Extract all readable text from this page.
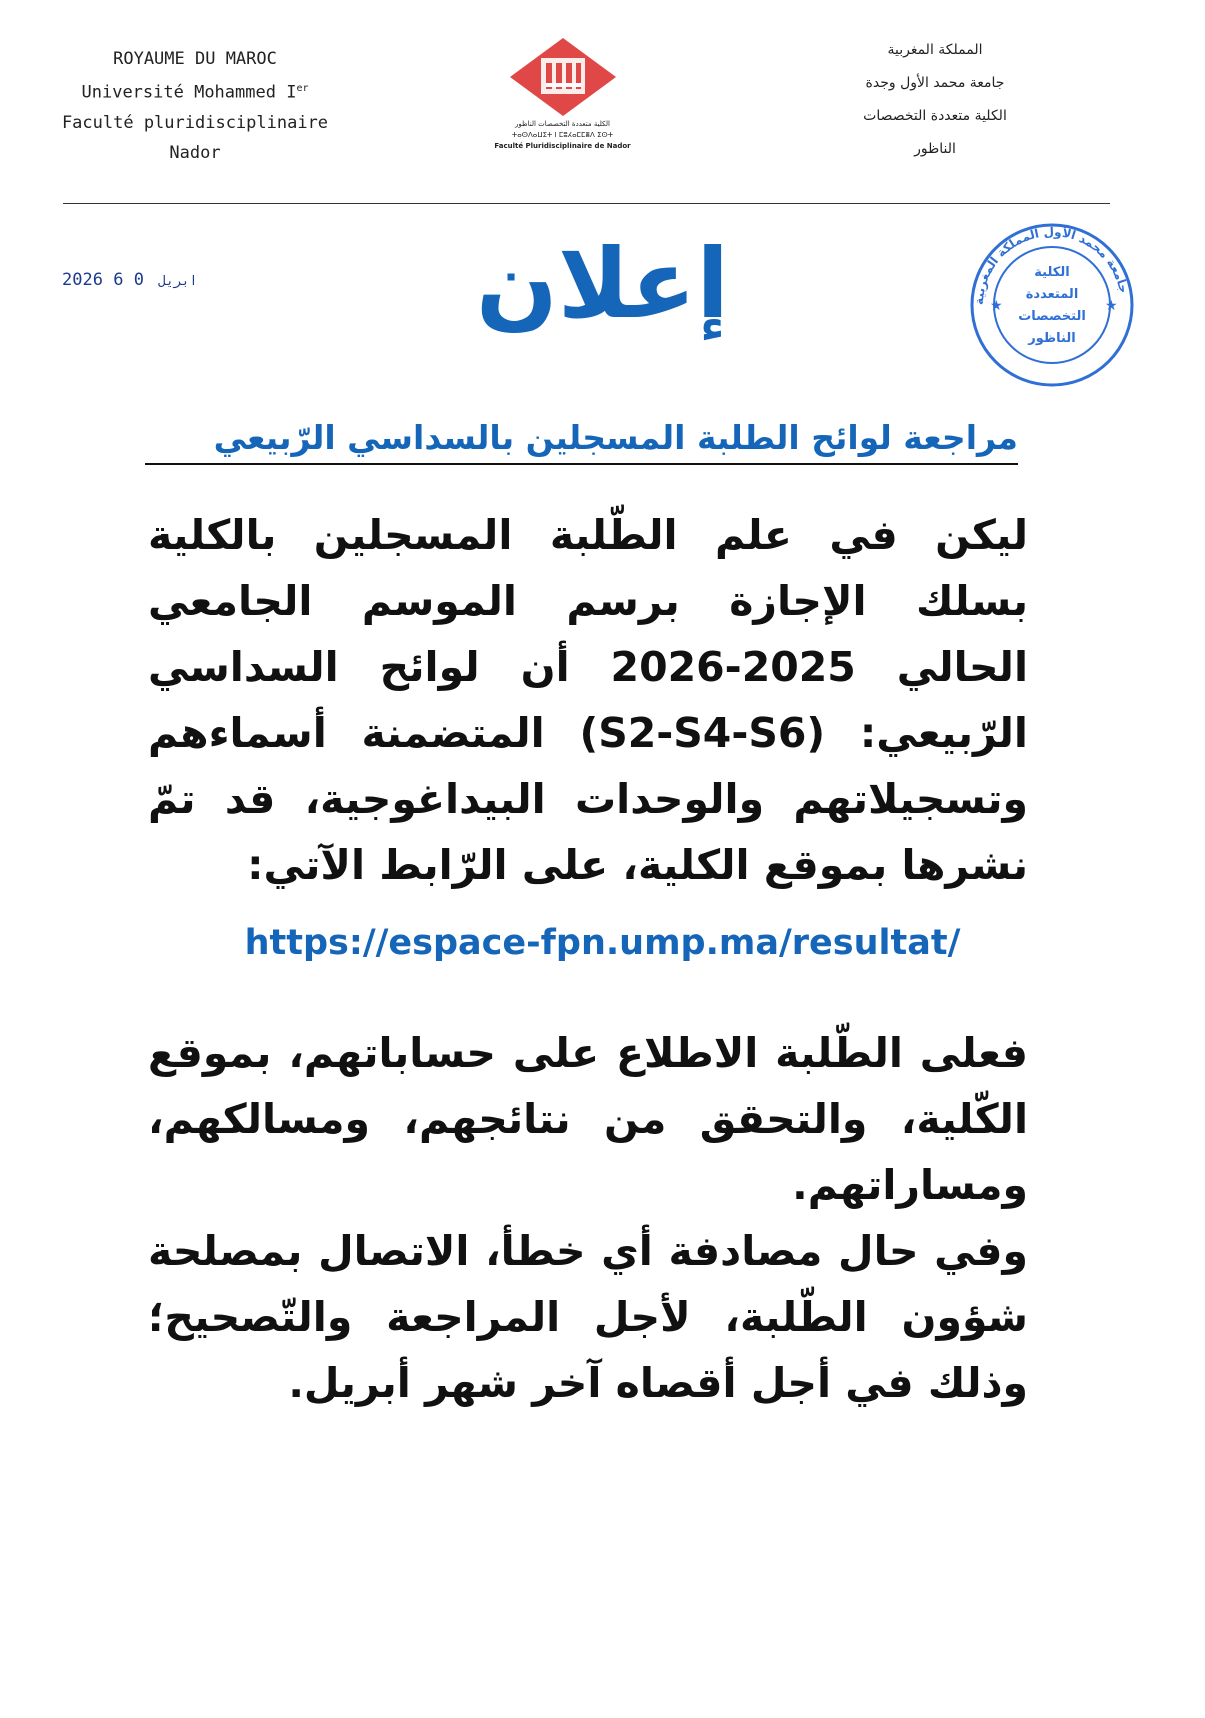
ROYAUME DU MAROC
Université Mohammed Ier
Faculté pluridisciplinaire
Nador
الكلية متعددة التخصصات الناظور
ⵜⴰⵙⴷⴰⵡⵉⵜ ⵏ ⵎⵓⵃⴰⵎⵎⴻⴷ ⵉⵙⵜ
Faculté Pluridisciplinaire de Nador
المملكة المغربية
جامعة محمد الأول وجدة
الكلية متعددة التخصصات
الناظور
2026	ابريل 0 6
جامعة محمد الأول المملكة المغربية
الكلية
المتعددة
التخصصات
الناظور
★	★
إعلان
مراجعة لوائح الطلبة المسجلين بالسداسي الرّبيعي

ليكن في علم الطّلبة المسجلين بالكلية بسلك الإجازة برسم الموسم الجامعي الحالي 2025-2026 أن لوائح السداسي الرّبيعي: (S2-S4-S6) المتضمنة أسماءهم وتسجيلاتهم والوحدات البيداغوجية، قد تمّ نشرها بموقع الكلية، على الرّابط الآتي:

https://espace-fpn.ump.ma/resultat/

فعلى الطّلبة الاطلاع على حساباتهم، بموقع الكّلية، والتحقق من نتائجهم، ومسالكهم، ومساراتهم.

وفي حال مصادفة أي خطأ، الاتصال بمصلحة شؤون الطّلبة، لأجل المراجعة والتّصحيح؛ وذلك في أجل أقصاه آخر شهر أبريل.
